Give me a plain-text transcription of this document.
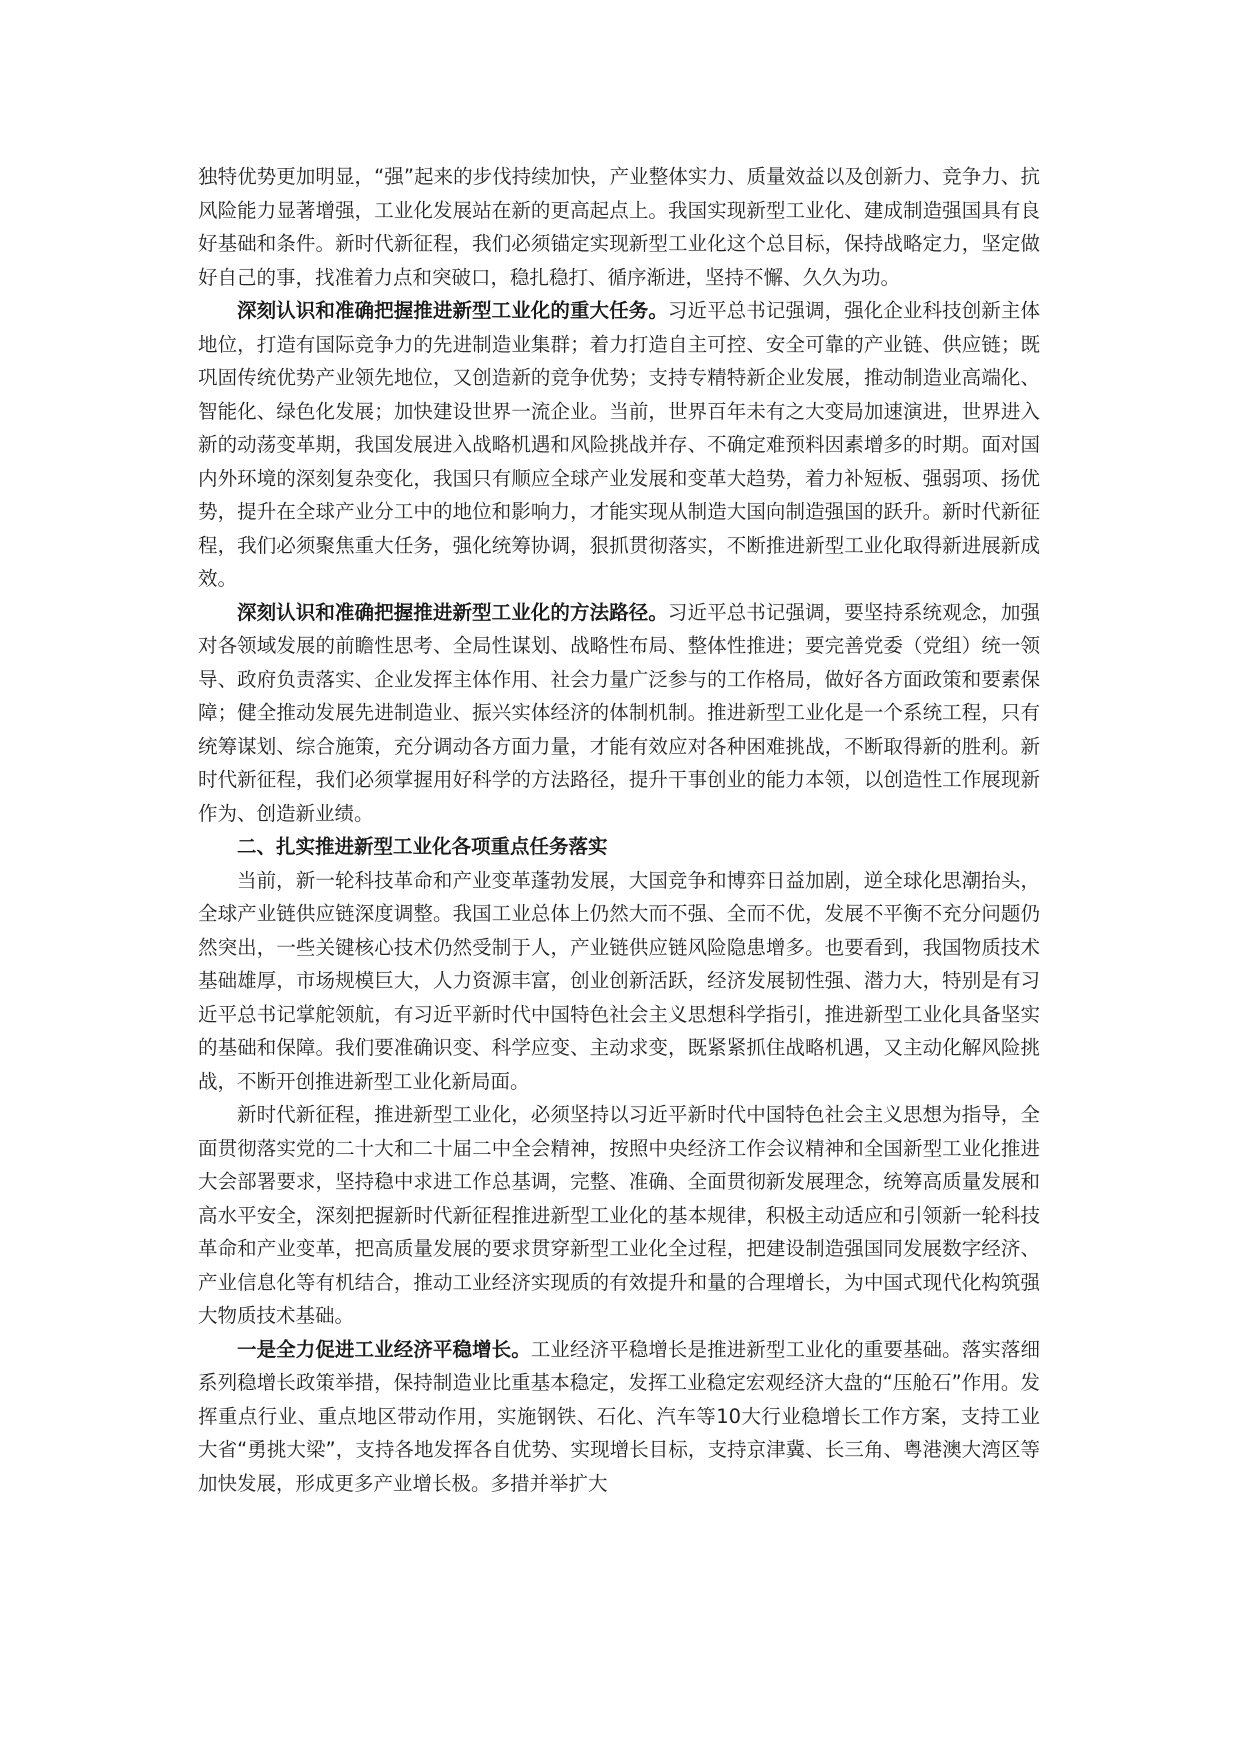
独特优势更加明显，“强”起来的步伐持续加快，产业整体实力、质量效益以及创新力、竞争力、抗风险能力显著增强，工业化发展站在新的更高起点上。我国实现新型工业化、建成制造强国具有良好基础和条件。新时代新征程，我们必须锚定实现新型工业化这个总目标，保持战略定力，坚定做好自己的事，找准着力点和突破口，稳扎稳打、循序渐进，坚持不懈、久久为功。

深刻认识和准确把握推进新型工业化的重大任务。习近平总书记强调，强化企业科技创新主体地位，打造有国际竞争力的先进制造业集群；着力打造自主可控、安全可靠的产业链、供应链；既巩固传统优势产业领先地位，又创造新的竞争优势；支持专精特新企业发展，推动制造业高端化、智能化、绿色化发展；加快建设世界一流企业。当前，世界百年未有之大变局加速演进，世界进入新的动荡变革期，我国发展进入战略机遇和风险挑战并存、不确定难预料因素增多的时期。面对国内外环境的深刻复杂变化，我国只有顺应全球产业发展和变革大趋势，着力补短板、强弱项、扬优势，提升在全球产业分工中的地位和影响力，才能实现从制造大国向制造强国的跃升。新时代新征程，我们必须聚焦重大任务，强化统筹协调，狠抓贯彻落实，不断推进新型工业化取得新进展新成效。

深刻认识和准确把握推进新型工业化的方法路径。习近平总书记强调，要坚持系统观念，加强对各领域发展的前瞻性思考、全局性谋划、战略性布局、整体性推进；要完善党委（党组）统一领导、政府负责落实、企业发挥主体作用、社会力量广泛参与的工作格局，做好各方面政策和要素保障；健全推动发展先进制造业、振兴实体经济的体制机制。推进新型工业化是一个系统工程，只有统筹谋划、综合施策，充分调动各方面力量，才能有效应对各种困难挑战，不断取得新的胜利。新时代新征程，我们必须掌握用好科学的方法路径，提升干事创业的能力本领，以创造性工作展现新作为、创造新业绩。

二、扎实推进新型工业化各项重点任务落实

当前，新一轮科技革命和产业变革蓬勃发展，大国竞争和博弈日益加剧，逆全球化思潮抬头，全球产业链供应链深度调整。我国工业总体上仍然大而不强、全而不优，发展不平衡不充分问题仍然突出，一些关键核心技术仍然受制于人，产业链供应链风险隐患增多。也要看到，我国物质技术基础雄厚，市场规模巨大，人力资源丰富，创业创新活跃，经济发展韧性强、潜力大，特别是有习近平总书记掌舵领航，有习近平新时代中国特色社会主义思想科学指引，推进新型工业化具备坚实的基础和保障。我们要准确识变、科学应变、主动求变，既紧紧抓住战略机遇，又主动化解风险挑战，不断开创推进新型工业化新局面。

新时代新征程，推进新型工业化，必须坚持以习近平新时代中国特色社会主义思想为指导，全面贯彻落实党的二十大和二十届二中全会精神，按照中央经济工作会议精神和全国新型工业化推进大会部署要求，坚持稳中求进工作总基调，完整、准确、全面贯彻新发展理念，统筹高质量发展和高水平安全，深刻把握新时代新征程推进新型工业化的基本规律，积极主动适应和引领新一轮科技革命和产业变革，把高质量发展的要求贯穿新型工业化全过程，把建设制造强国同发展数字经济、产业信息化等有机结合，推动工业经济实现质的有效提升和量的合理增长，为中国式现代化构筑强大物质技术基础。

一是全力促进工业经济平稳增长。工业经济平稳增长是推进新型工业化的重要基础。落实落细系列稳增长政策举措，保持制造业比重基本稳定，发挥工业稳定宏观经济大盘的“压舱石”作用。发挥重点行业、重点地区带动作用，实施钢铁、石化、汽车等10大行业稳增长工作方案，支持工业大省“勇挑大梁”，支持各地发挥各自优势、实现增长目标，支持京津冀、长三角、粤港澳大湾区等加快发展，形成更多产业增长极。多措并举扩大
